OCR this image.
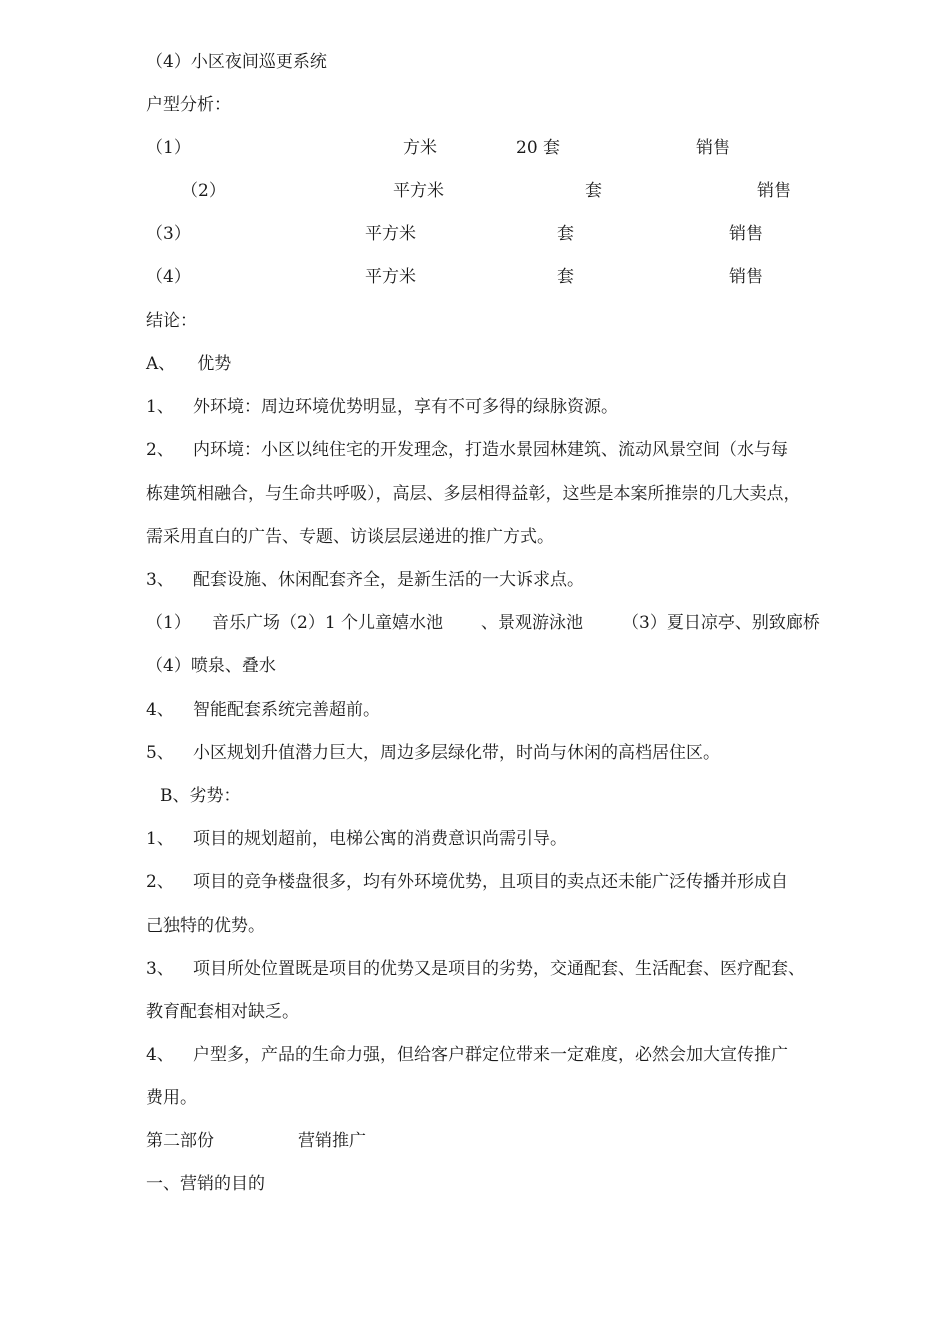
（4）小区夜间巡更系统
户型分析：
（1）	方米	20 套	销售
（2）	平方米	套	销售
（3）	平方米	套	销售
（4）	平方米	套	销售
结论：
A、 优势
1、 外环境：周边环境优势明显，享有不可多得的绿脉资源。
2、 内环境：小区以纯住宅的开发理念，打造水景园林建筑、流动风景空间（水与每
栋建筑相融合，与生命共呼吸），高层、多层相得益彰，这些是本案所推崇的几大卖点，
需采用直白的广告、专题、访谈层层递进的推广方式。
3、 配套设施、休闲配套齐全，是新生活的一大诉求点。
（1） 音乐广场（2）1 个儿童嬉水池 、景观游泳池 （3）夏日凉亭、别致廊桥
（4）喷泉、叠水
4、 智能配套系统完善超前。
5、 小区规划升值潜力巨大，周边多层绿化带，时尚与休闲的高档居住区。
B、劣势：
1、 项目的规划超前，电梯公寓的消费意识尚需引导。
2、 项目的竞争楼盘很多，均有外环境优势，且项目的卖点还未能广泛传播并形成自
己独特的优势。
3、 项目所处位置既是项目的优势又是项目的劣势，交通配套、生活配套、医疗配套、
教育配套相对缺乏。
4、 户型多，产品的生命力强，但给客户群定位带来一定难度，必然会加大宣传推广
费用。
第二部份	营销推广
一、营销的目的
